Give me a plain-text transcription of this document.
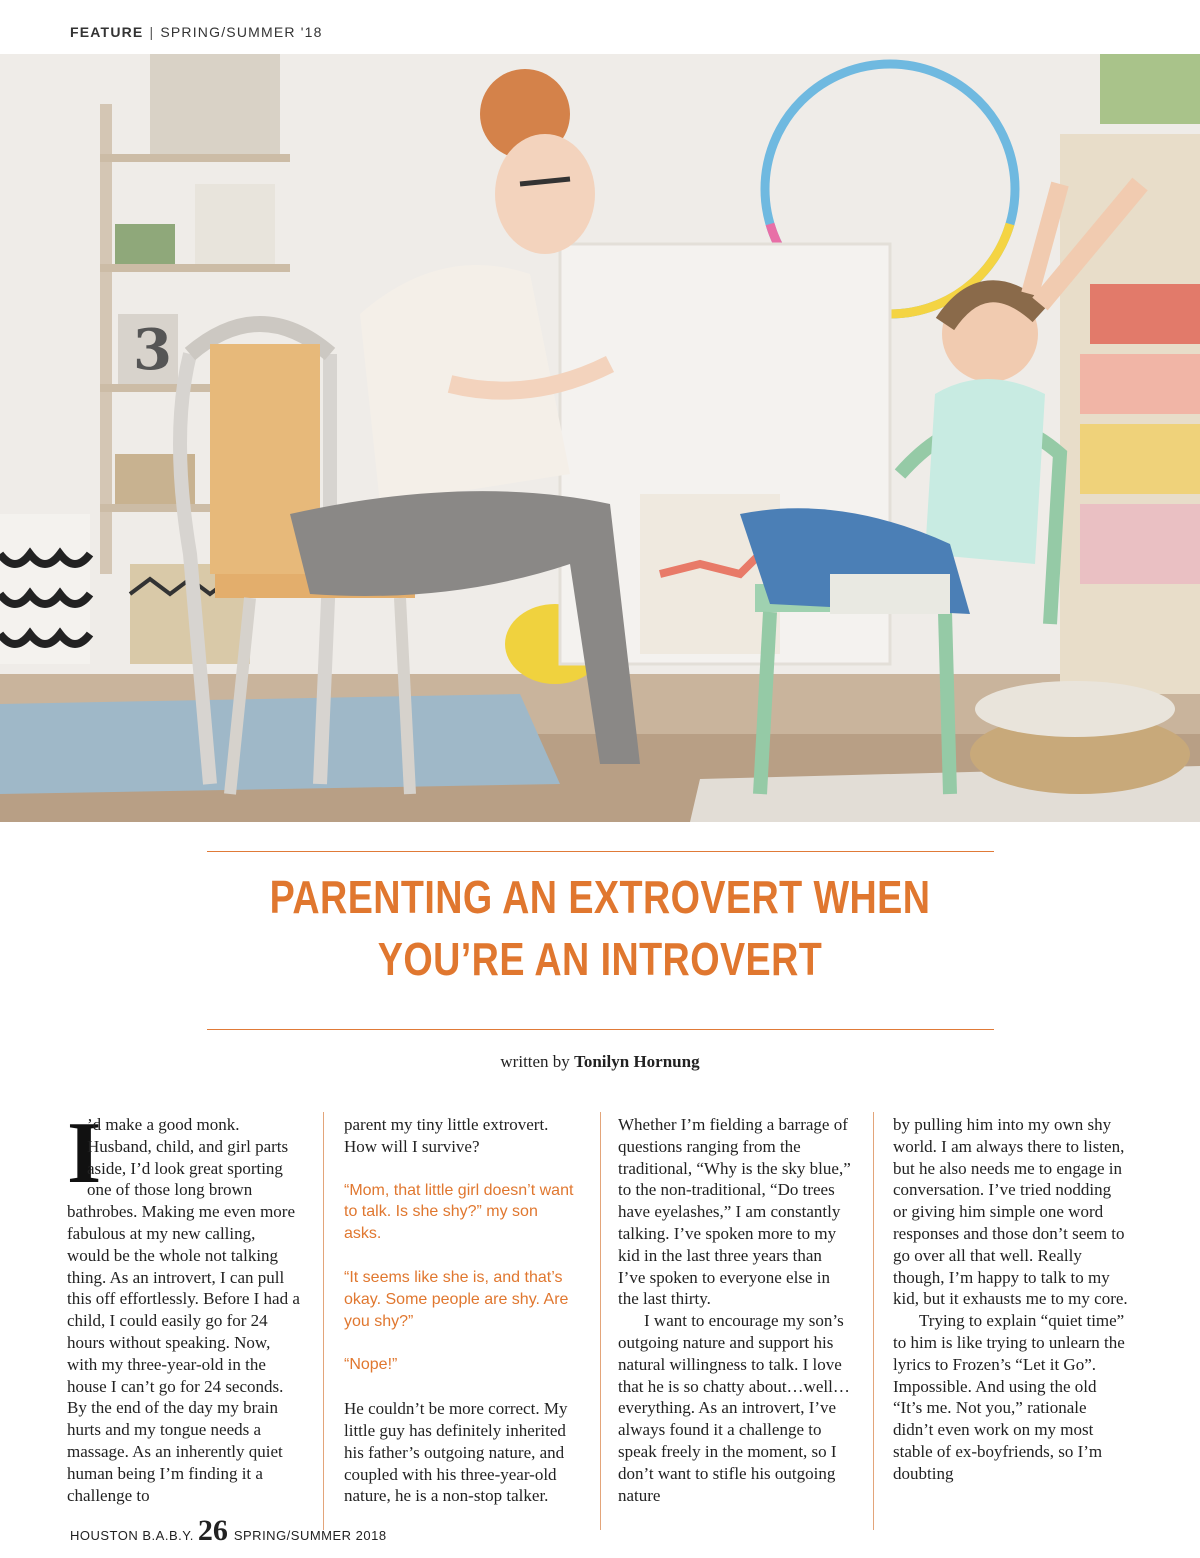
FEATURE | SPRING/SUMMER '18
3
PARENTING AN EXTROVERT WHEN
YOU’RE AN INTROVERT
written by Tonilyn Hornung
I

’d make a good monk. Husband, child, and girl parts aside, I’d look great sporting one of those long brown bathrobes. Making me even more fabulous at my new calling, would be the whole not talking thing. As an introvert, I can pull this off effortlessly. Before I had a child, I could easily go for 24 hours without speaking. Now, with my three-year-old in the house I can’t go for 24 seconds. By the end of the day my brain hurts and my tongue needs a massage. As an inherently quiet human being I’m finding it a challenge to

parent my tiny little extrovert. How will I survive?

“Mom, that little girl doesn’t want to talk. Is she shy?” my son asks.

“It seems like she is, and that’s okay. Some people are shy. Are you shy?”

“Nope!”

He couldn’t be more correct. My little guy has definitely inherited his father’s outgoing nature, and coupled with his three-year-old nature, he is a non-stop talker.

Whether I’m fielding a barrage of questions ranging from the traditional, “Why is the sky blue,” to the non-traditional, “Do trees have eyelashes,” I am constantly talking. I’ve spoken more to my kid in the last three years than I’ve spoken to everyone else in the last thirty.

I want to encourage my son’s outgoing nature and support his natural willingness to talk. I love that he is so chatty about…well…everything. As an introvert, I’ve always found it a challenge to speak freely in the moment, so I don’t want to stifle his outgoing nature

by pulling him into my own shy world. I am always there to listen, but he also needs me to engage in conversation. I’ve tried nodding or giving him simple one word responses and those don’t seem to go over all that well. Really though, I’m happy to talk to my kid, but it exhausts me to my core.

Trying to explain “quiet time” to him is like trying to unlearn the lyrics to Frozen’s “Let it Go”. Impossible. And using the old “It’s me. Not you,” rationale didn’t even work on my most stable of ex-boyfriends, so I’m doubting

HOUSTON B.A.B.Y. 26 SPRING/SUMMER 2018
